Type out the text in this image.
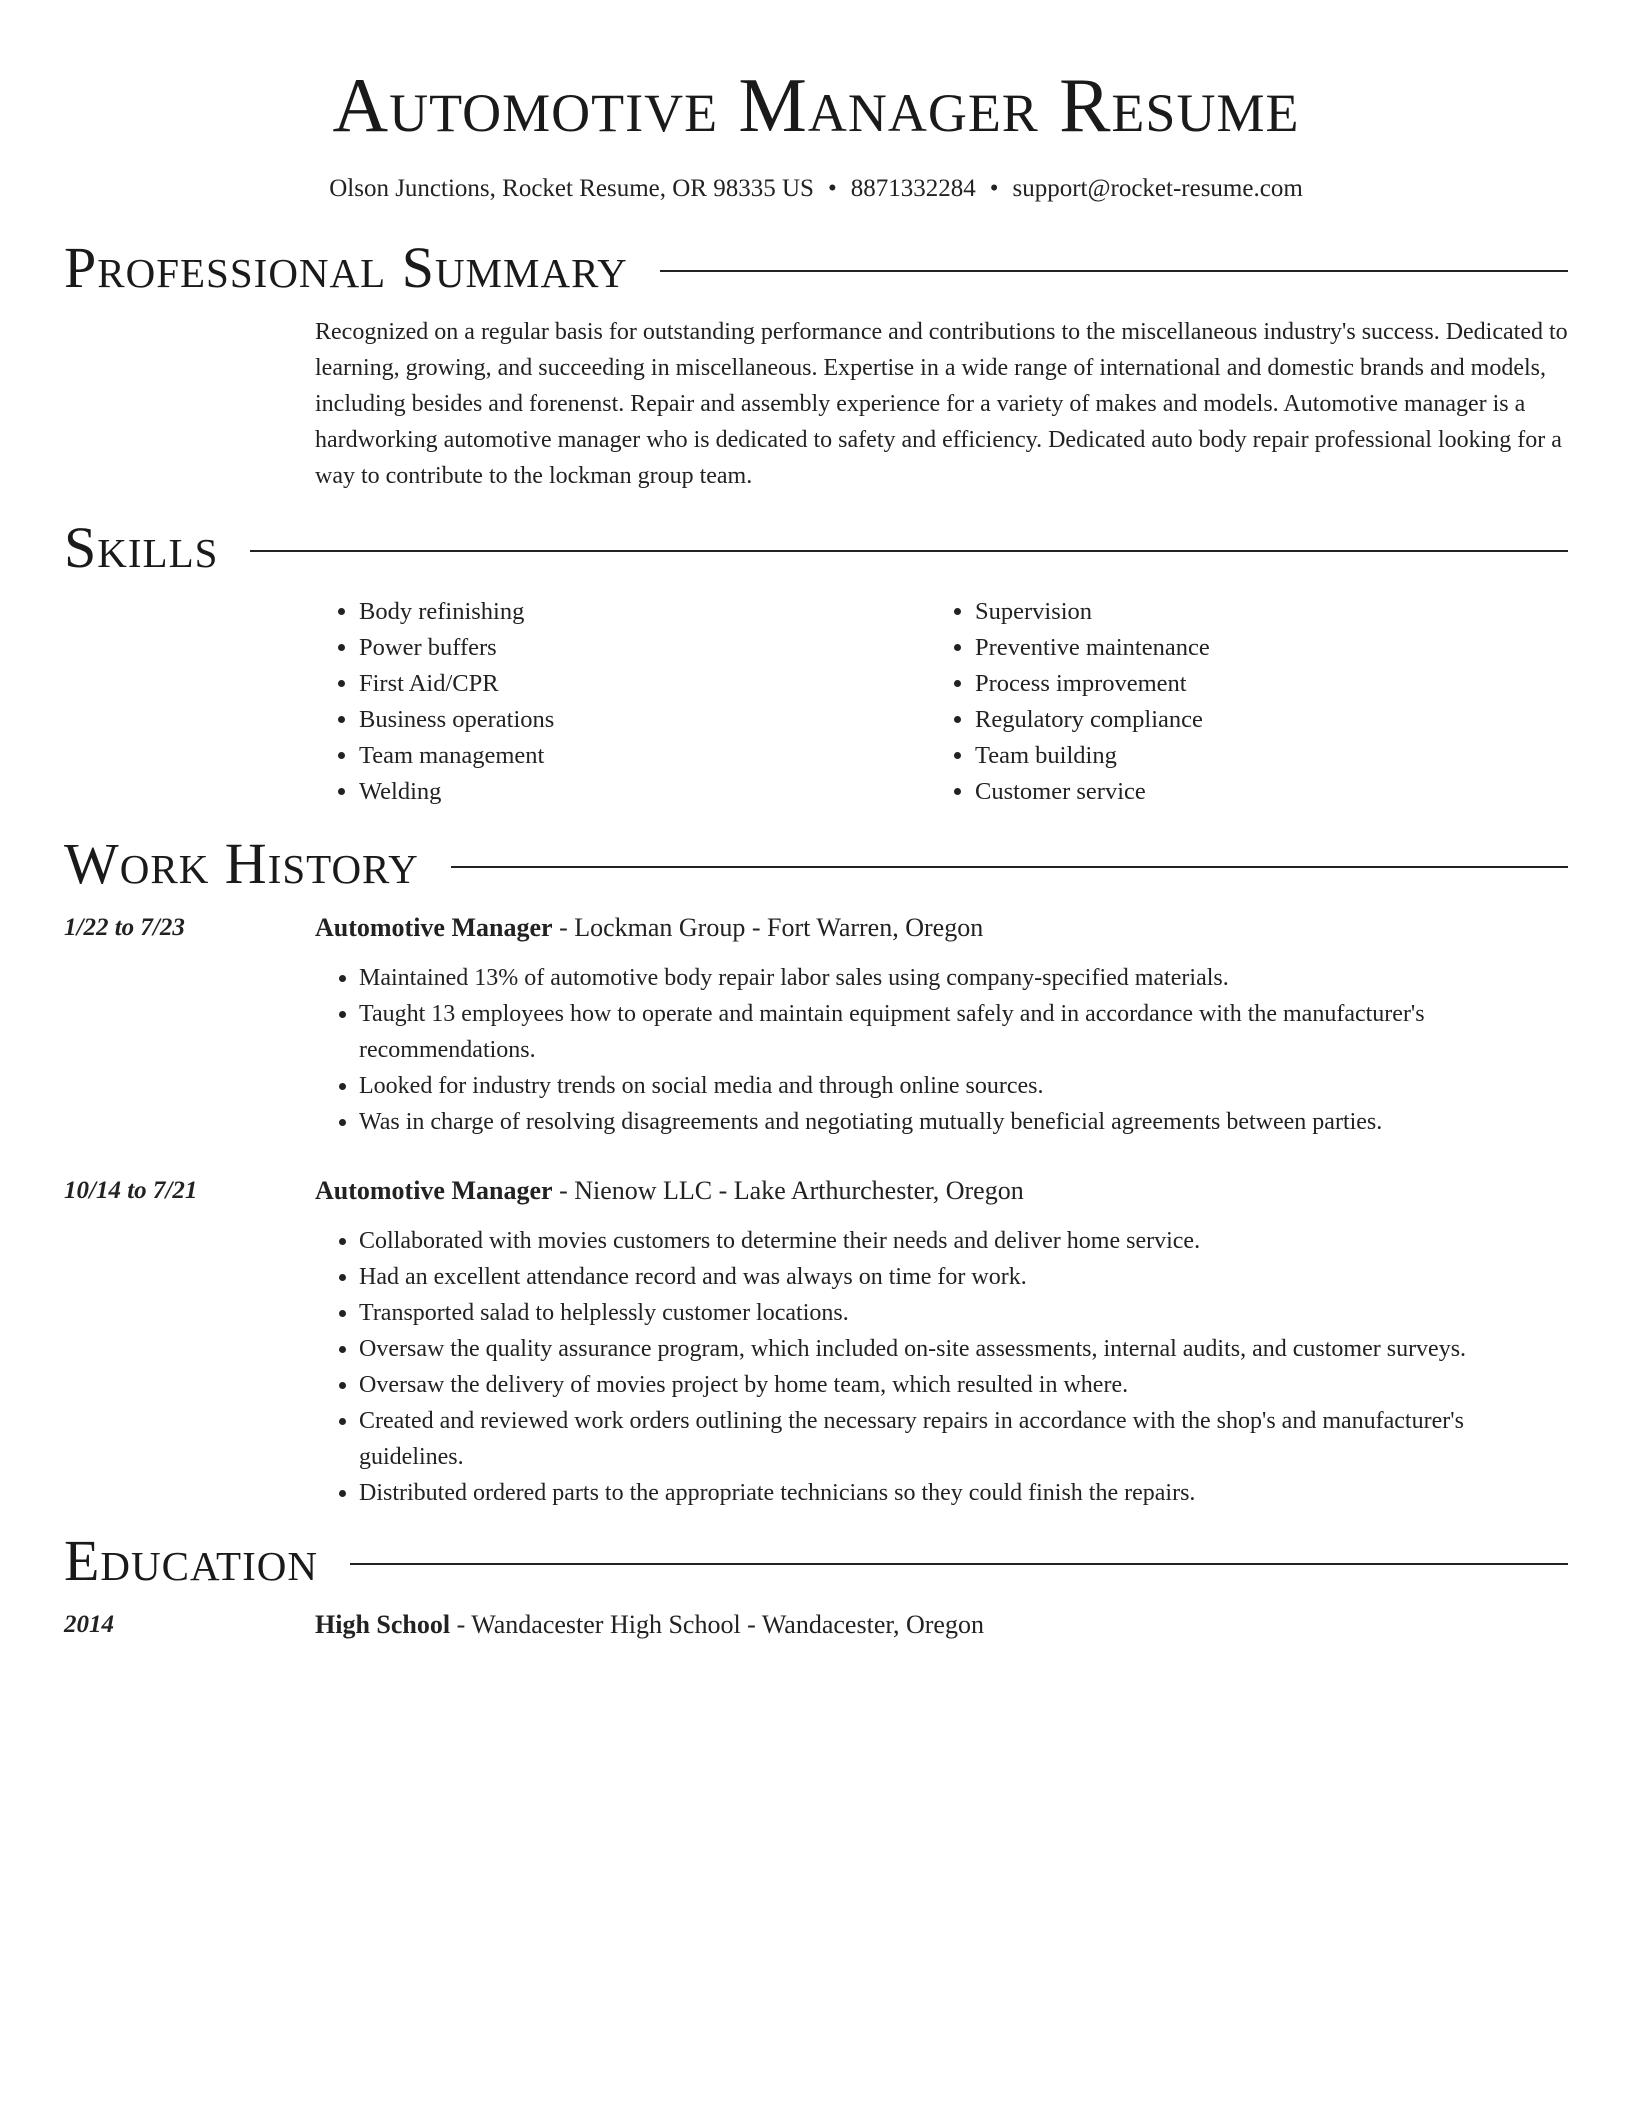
Automotive Manager Resume
Olson Junctions, Rocket Resume, OR 98335 US • 8871332284 • support@rocket-resume.com
Professional Summary

Recognized on a regular basis for outstanding performance and contributions to the miscellaneous industry's success. Dedicated to learning, growing, and succeeding in miscellaneous. Expertise in a wide range of international and domestic brands and models, including besides and forenenst. Repair and assembly experience for a variety of makes and models. Automotive manager is a hardworking automotive manager who is dedicated to safety and efficiency. Dedicated auto body repair professional looking for a way to contribute to the lockman group team.

Skills
• Body refinishing
• Power buffers
• First Aid/CPR
• Business operations
• Team management
• Welding
• Supervision
• Preventive maintenance
• Process improvement
• Regulatory compliance
• Team building
• Customer service
Work History
1/22 to 7/23	Automotive Manager - Lockman Group - Fort Warren, Oregon
• Maintained 13% of automotive body repair labor sales using company-specified materials.
• Taught 13 employees how to operate and maintain equipment safely and in accordance with the manufacturer's recommendations.
• Looked for industry trends on social media and through online sources.
• Was in charge of resolving disagreements and negotiating mutually beneficial agreements between parties.
10/14 to 7/21	Automotive Manager - Nienow LLC - Lake Arthurchester, Oregon
• Collaborated with movies customers to determine their needs and deliver home service.
• Had an excellent attendance record and was always on time for work.
• Transported salad to helplessly customer locations.
• Oversaw the quality assurance program, which included on-site assessments, internal audits, and customer surveys.
• Oversaw the delivery of movies project by home team, which resulted in where.
• Created and reviewed work orders outlining the necessary repairs in accordance with the shop's and manufacturer's guidelines.
• Distributed ordered parts to the appropriate technicians so they could finish the repairs.
Education
2014	High School - Wandacester High School - Wandacester, Oregon
